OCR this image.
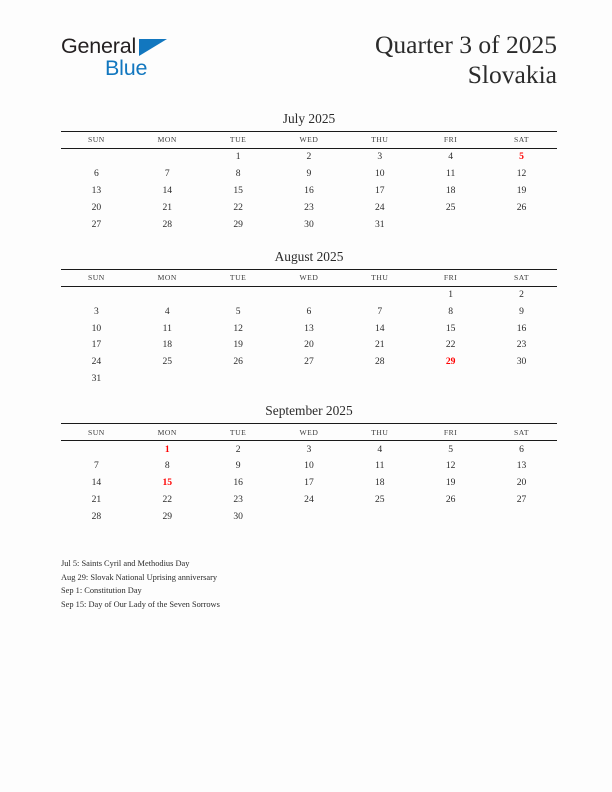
General
Blue
Quarter 3 of 2025
Slovakia
July 2025
SUN	MON	TUE	WED	THU	FRI	SAT
		1	2	3	4	5
6	7	8	9	10	11	12
13	14	15	16	17	18	19
20	21	22	23	24	25	26
27	28	29	30	31		
August 2025
SUN	MON	TUE	WED	THU	FRI	SAT
					1	2
3	4	5	6	7	8	9
10	11	12	13	14	15	16
17	18	19	20	21	22	23
24	25	26	27	28	29	30
31						
September 2025
SUN	MON	TUE	WED	THU	FRI	SAT
	1	2	3	4	5	6
7	8	9	10	11	12	13
14	15	16	17	18	19	20
21	22	23	24	25	26	27
28	29	30				
Jul 5: Saints Cyril and Methodius Day
Aug 29: Slovak National Uprising anniversary
Sep 1: Constitution Day
Sep 15: Day of Our Lady of the Seven Sorrows
